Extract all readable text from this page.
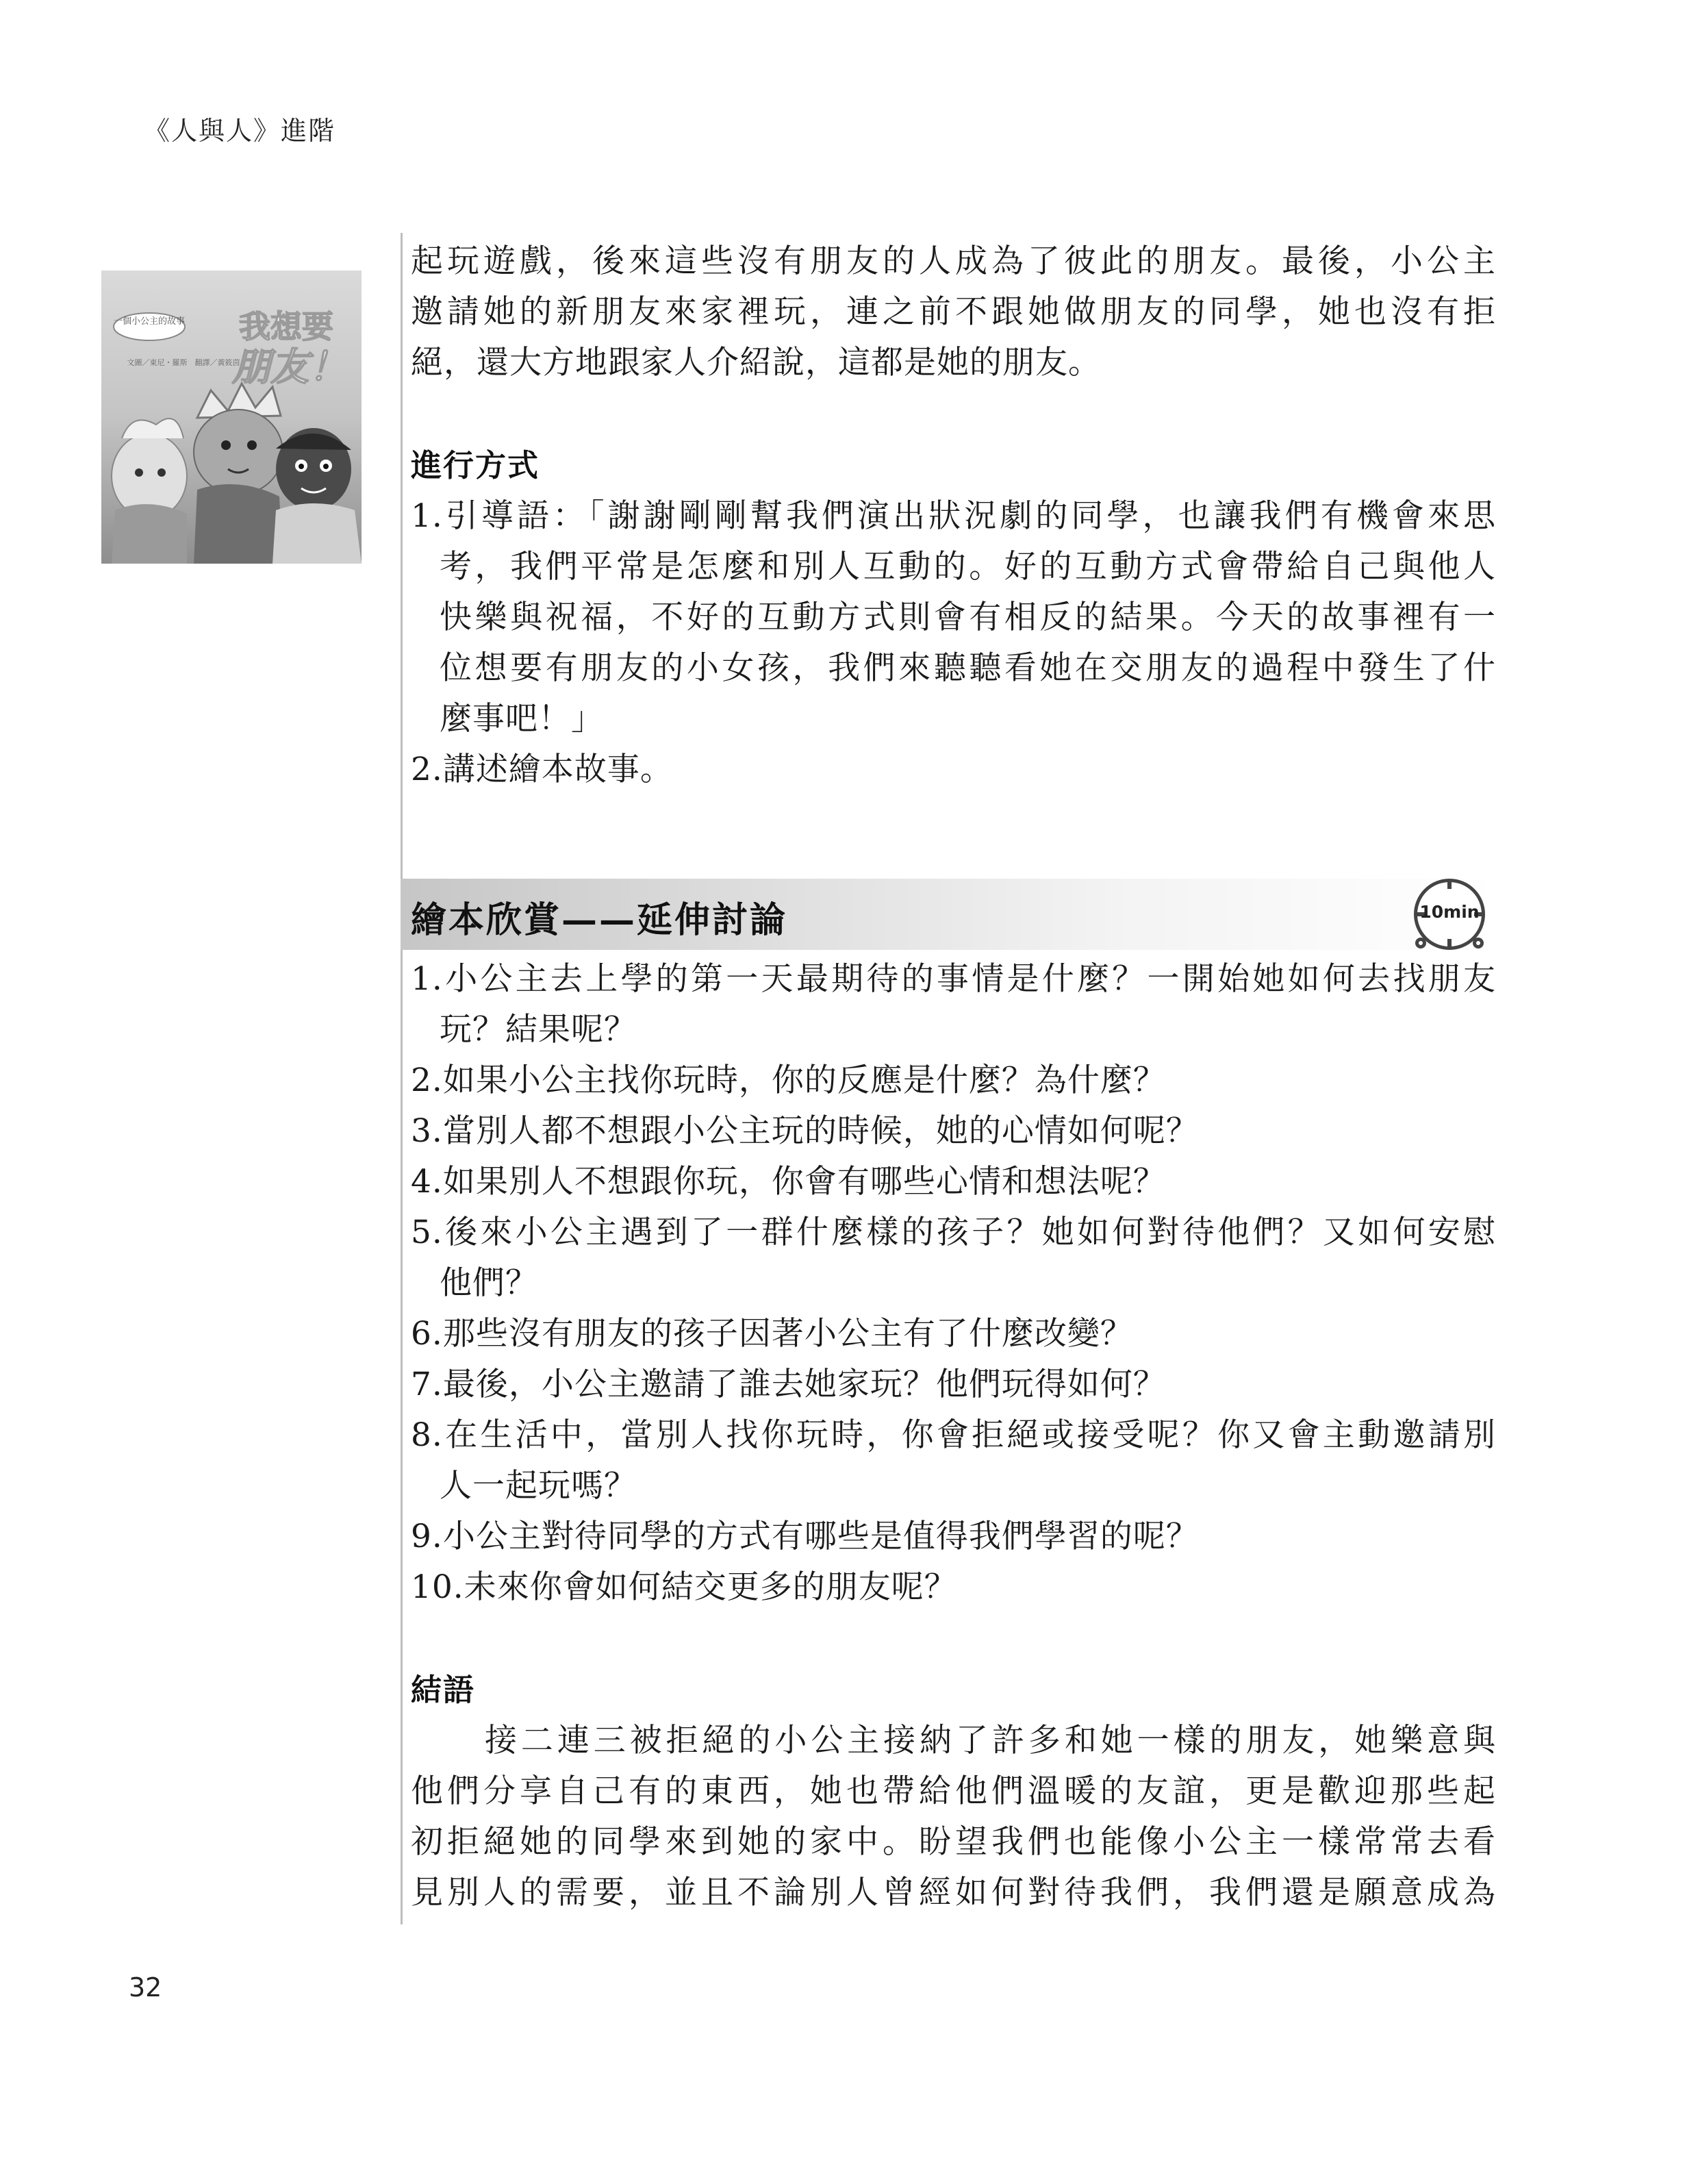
《人與人》進階
一個小公主的故事 我想要
朋友！
文圖／東尼・羅斯　翻譯／黃筱茵
起玩遊戲，後來這些沒有朋友的人成為了彼此的朋友。最後，小公主
邀請她的新朋友來家裡玩，連之前不跟她做朋友的同學，她也沒有拒
絕，還大方地跟家人介紹說，這都是她的朋友。
進行方式
1.引導語：「謝謝剛剛幫我們演出狀況劇的同學，也讓我們有機會來思
考，我們平常是怎麼和別人互動的。好的互動方式會帶給自己與他人
快樂與祝福，不好的互動方式則會有相反的結果。今天的故事裡有一
位想要有朋友的小女孩，我們來聽聽看她在交朋友的過程中發生了什
麼事吧！」
2.講述繪本故事。
繪本欣賞——延伸討論	10min
1.小公主去上學的第一天最期待的事情是什麼？一開始她如何去找朋友
玩？結果呢？
2.如果小公主找你玩時，你的反應是什麼？為什麼？
3.當別人都不想跟小公主玩的時候，她的心情如何呢？
4.如果別人不想跟你玩，你會有哪些心情和想法呢？
5.後來小公主遇到了一群什麼樣的孩子？她如何對待他們？又如何安慰
他們？
6.那些沒有朋友的孩子因著小公主有了什麼改變？
7.最後，小公主邀請了誰去她家玩？他們玩得如何？
8.在生活中，當別人找你玩時，你會拒絕或接受呢？你又會主動邀請別
人一起玩嗎？
9.小公主對待同學的方式有哪些是值得我們學習的呢？
10.未來你會如何結交更多的朋友呢？
結語
接二連三被拒絕的小公主接納了許多和她一樣的朋友，她樂意與
他們分享自己有的東西，她也帶給他們溫暖的友誼，更是歡迎那些起
初拒絕她的同學來到她的家中。盼望我們也能像小公主一樣常常去看
見別人的需要，並且不論別人曾經如何對待我們，我們還是願意成為
32
